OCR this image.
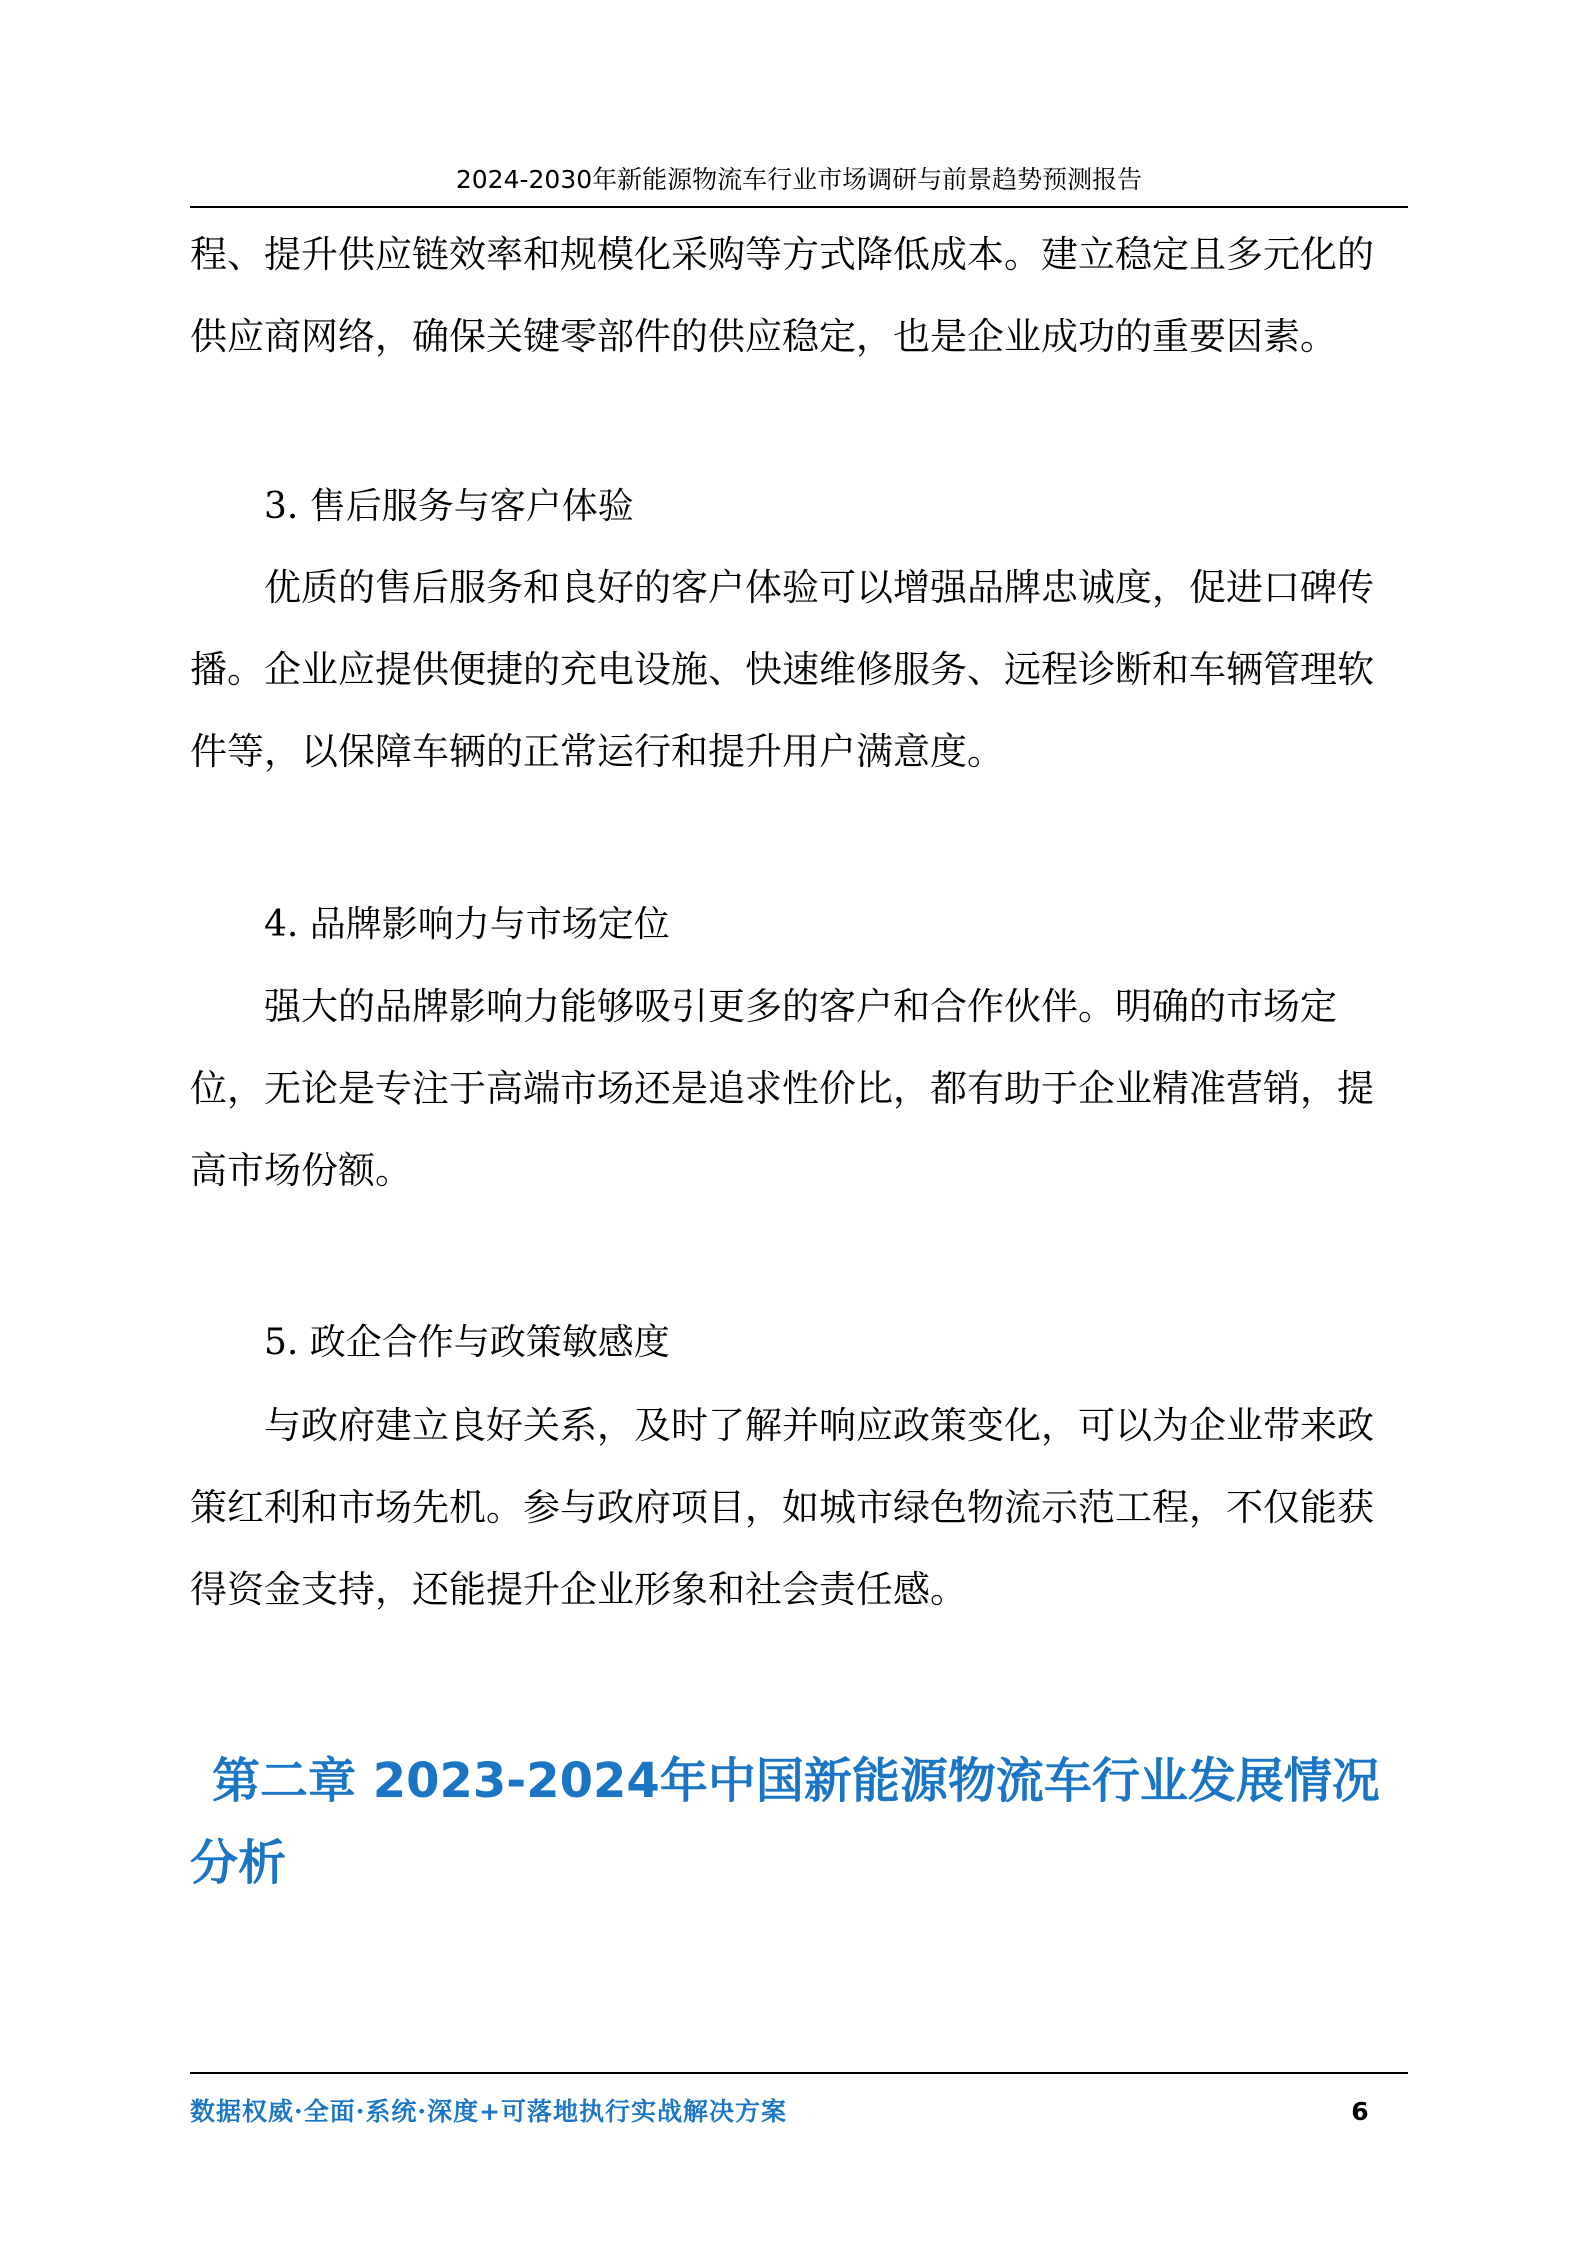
2024-2030年新能源物流车行业市场调研与前景趋势预测报告

程、提升供应链效率和规模化采购等方式降低成本。建立稳定且多元化的供应商网络，确保关键零部件的供应稳定，也是企业成功的重要因素。

3. 售后服务与客户体验

优质的售后服务和良好的客户体验可以增强品牌忠诚度，促进口碑传播。企业应提供便捷的充电设施、快速维修服务、远程诊断和车辆管理软件等，以保障车辆的正常运行和提升用户满意度。

4. 品牌影响力与市场定位

强大的品牌影响力能够吸引更多的客户和合作伙伴。明确的市场定位，无论是专注于高端市场还是追求性价比，都有助于企业精准营销，提高市场份额。

5. 政企合作与政策敏感度

与政府建立良好关系，及时了解并响应政策变化，可以为企业带来政策红利和市场先机。参与政府项目，如城市绿色物流示范工程，不仅能获得资金支持，还能提升企业形象和社会责任感。

第二章 2023-2024年中国新能源物流车行业发展情况分析
数据权威·全面·系统·深度+可落地执行实战解决方案	6
